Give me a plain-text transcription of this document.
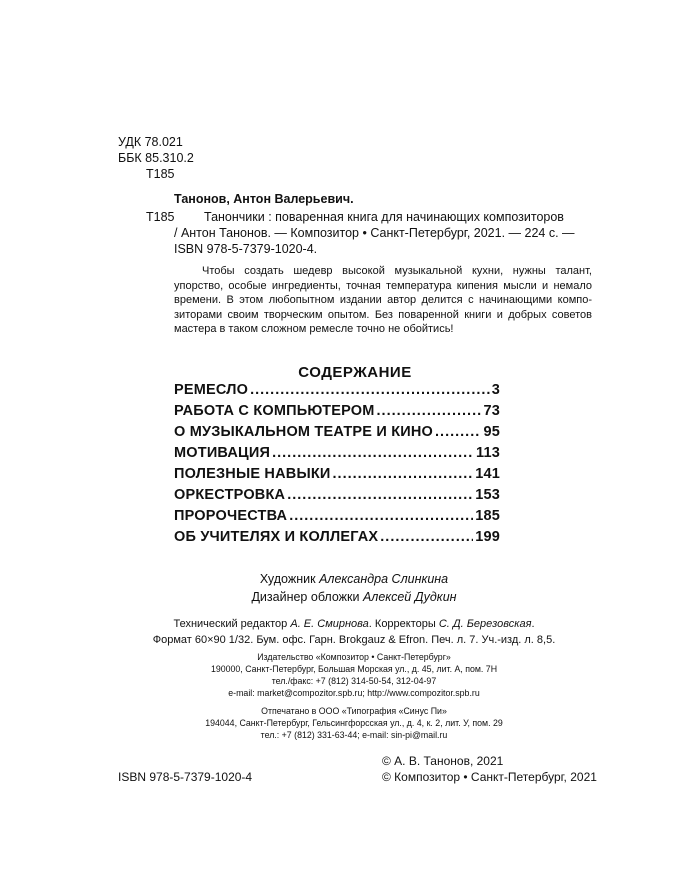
УДК 78.021
ББК 85.310.2
Т185
Танонов, Антон Валерьевич.
Т185 Танончики : поваренная книга для начинающих композиторов
/ Антон Танонов. — Композитор • Санкт-Петербург, 2021. — 224 с. —
ISBN 978-5-7379-1020-4.

Чтобы создать шедевр высокой музыкальной кухни, нужны талант,

упорство, особые ингредиенты, точная температура кипения мысли и немало

времени. В этом любопытном издании автор делится с начинающими компо-

зиторами своим творческим опытом. Без поваренной книги и добрых советов

мастера в таком сложном ремесле точно не обойтись!

СОДЕРЖАНИЕ
РЕМЕСЛО .....	3
РАБОТА С КОМПЬЮТЕРОМ .....	73
О МУЗЫКАЛЬНОМ ТЕАТРЕ И КИНО .....	95
МОТИВАЦИЯ .....	113
ПОЛЕЗНЫЕ НАВЫКИ .....	141
ОРКЕСТРОВКА .....	153
ПРОРОЧЕСТВА .....	185
ОБ УЧИТЕЛЯХ И КОЛЛЕГАХ .....	199
Художник Александра Слинкина
Дизайнер обложки Алексей Дудкин
Технический редактор А. Е. Смирнова. Корректоры С. Д. Березовская.
Формат 60×90 1/32. Бум. офс. Гарн. Brokgauz & Efron. Печ. л. 7. Уч.-изд. л. 8,5.
Издательство «Композитор • Санкт-Петербург»
190000, Санкт-Петербург, Большая Морская ул., д. 45, лит. А, пом. 7Н
тел./факс: +7 (812) 314-50-54, 312-04-97
e-mail: market@compozitor.spb.ru; http://www.compozitor.spb.ru
Отпечатано в ООО «Типография «Синус Пи»
194044, Санкт-Петербург, Гельсингфорсская ул., д. 4, к. 2, лит. У, пом. 29
тел.: +7 (812) 331-63-44; e-mail: sin-pi@mail.ru
© А. В. Танонов, 2021
ISBN 978-5-7379-1020-4	© Композитор • Санкт-Петербург, 2021
